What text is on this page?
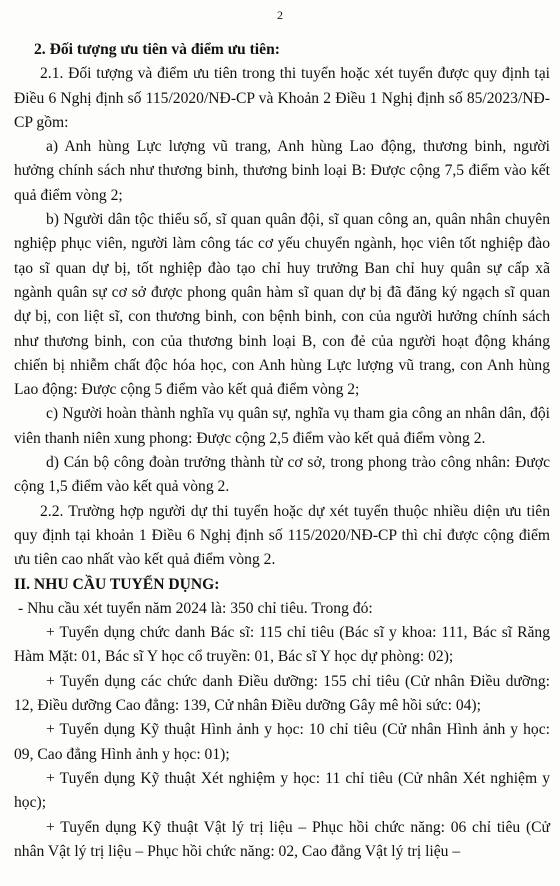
2

2. Đối tượng ưu tiên và điểm ưu tiên:

2.1. Đối tượng và điểm ưu tiên trong thi tuyển hoặc xét tuyển được quy định tại Điều 6 Nghị định số 115/2020/NĐ-CP và Khoản 2 Điều 1 Nghị định số 85/2023/NĐ-CP gồm:

a) Anh hùng Lực lượng vũ trang, Anh hùng Lao động, thương binh, người hưởng chính sách như thương binh, thương binh loại B: Được cộng 7,5 điểm vào kết quả điểm vòng 2;

b) Người dân tộc thiểu số, sĩ quan quân đội, sĩ quan công an, quân nhân chuyên nghiệp phục viên, người làm công tác cơ yếu chuyển ngành, học viên tốt nghiệp đào tạo sĩ quan dự bị, tốt nghiệp đào tạo chỉ huy trưởng Ban chỉ huy quân sự cấp xã ngành quân sự cơ sở được phong quân hàm sĩ quan dự bị đã đăng ký ngạch sĩ quan dự bị, con liệt sĩ, con thương binh, con bệnh binh, con của người hưởng chính sách như thương binh, con của thương binh loại B, con đẻ của người hoạt động kháng chiến bị nhiễm chất độc hóa học, con Anh hùng Lực lượng vũ trang, con Anh hùng Lao động: Được cộng 5 điểm vào kết quả điểm vòng 2;

c) Người hoàn thành nghĩa vụ quân sự, nghĩa vụ tham gia công an nhân dân, đội viên thanh niên xung phong: Được cộng 2,5 điểm vào kết quả điểm vòng 2.

d) Cán bộ công đoàn trưởng thành từ cơ sở, trong phong trào công nhân: Được cộng 1,5 điểm vào kết quả vòng 2.

2.2. Trường hợp người dự thi tuyển hoặc dự xét tuyển thuộc nhiều diện ưu tiên quy định tại khoản 1 Điều 6 Nghị định số 115/2020/NĐ-CP thì chỉ được cộng điểm ưu tiên cao nhất vào kết quả điểm vòng 2.

II. NHU CẦU TUYỂN DỤNG:

- Nhu cầu xét tuyển năm 2024 là: 350 chỉ tiêu. Trong đó:

+ Tuyển dụng chức danh Bác sĩ: 115 chỉ tiêu (Bác sĩ y khoa: 111, Bác sĩ Răng Hàm Mặt: 01, Bác sĩ Y học cổ truyền: 01, Bác sĩ Y học dự phòng: 02);

+ Tuyển dụng các chức danh Điều dưỡng: 155 chỉ tiêu (Cử nhân Điều dưỡng: 12, Điều dưỡng Cao đẳng: 139, Cử nhân Điều dưỡng Gây mê hồi sức: 04);

+ Tuyển dụng Kỹ thuật Hình ảnh y học: 10 chỉ tiêu (Cử nhân Hình ảnh y học: 09, Cao đẳng Hình ảnh y học: 01);

+ Tuyển dụng Kỹ thuật Xét nghiệm y học: 11 chỉ tiêu (Cử nhân Xét nghiệm y học);

+ Tuyển dụng Kỹ thuật Vật lý trị liệu – Phục hồi chức năng: 06 chỉ tiêu (Cử nhân Vật lý trị liệu – Phục hồi chức năng: 02, Cao đẳng Vật lý trị liệu –
